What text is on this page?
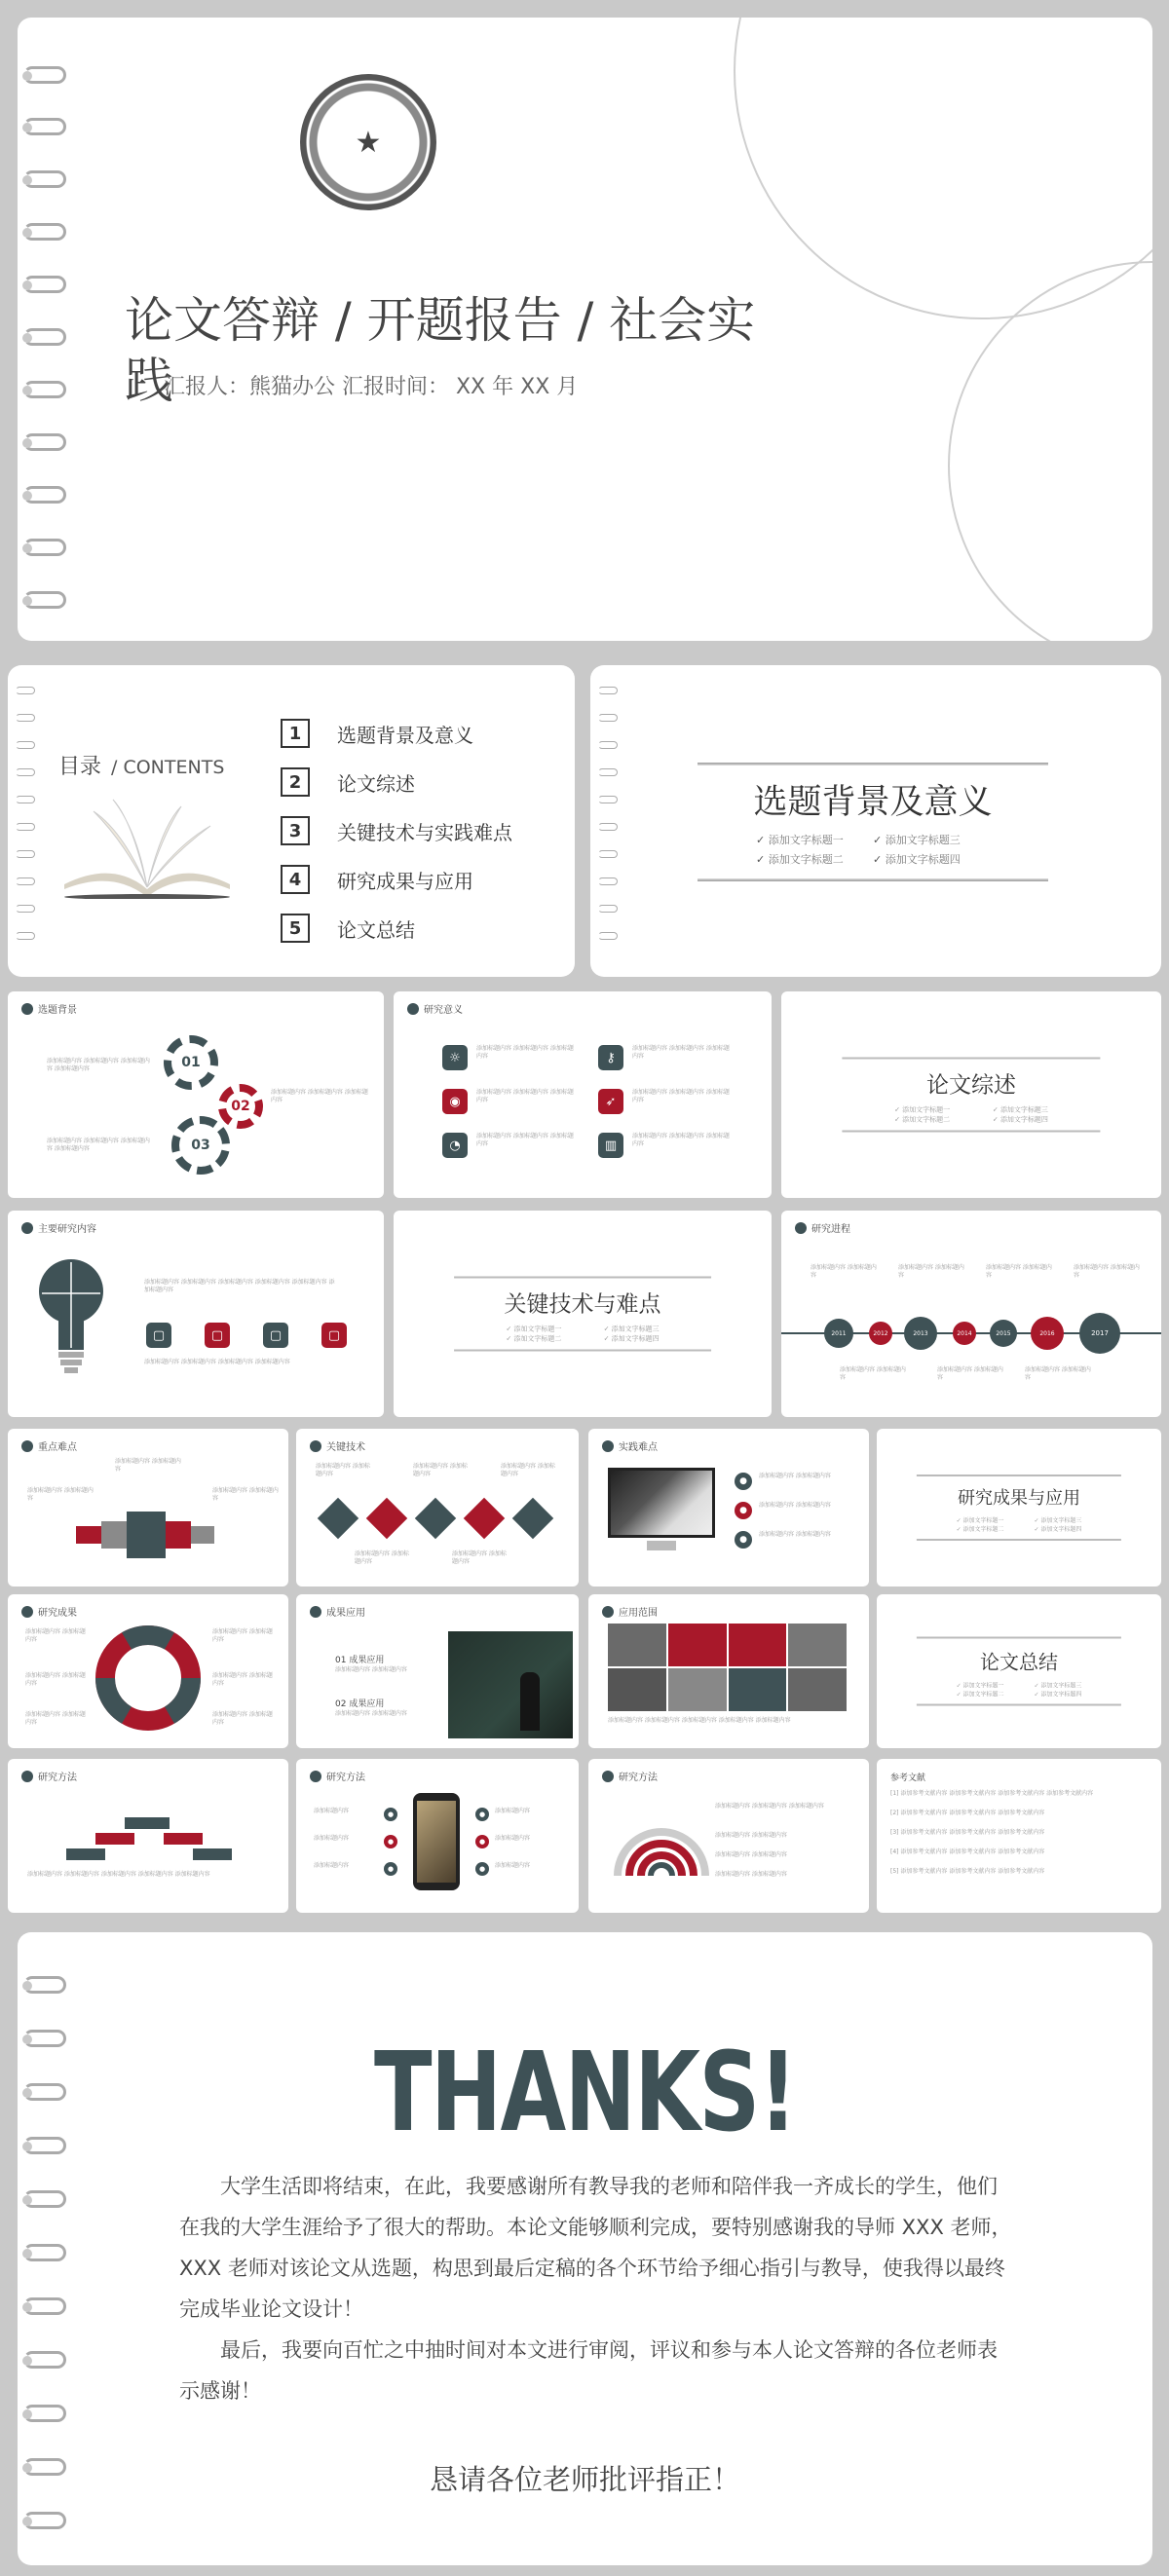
★
论文答辩 / 开题报告 / 社会实践
汇报人：熊猫办公 汇报时间： XX 年 XX 月
目录 / CONTENTS
1	选题背景及意义
2	论文综述
3	关键技术与实践难点
4	研究成果与应用
5	论文总结
选题背景及意义
✓ 添加文字标题一	✓ 添加文字标题三
✓ 添加文字标题二	✓ 添加文字标题四
选题背景
添加标题内容 添加标题内容 添加标题内容 添加标题内容
添加标题内容 添加标题内容 添加标题内容 添加标题内容
添加标题内容 添加标题内容 添加标题内容
01
02
03
研究意义
☼
◉
◔
⚷
➶
▥
添加标题内容 添加标题内容 添加标题内容
添加标题内容 添加标题内容 添加标题内容
添加标题内容 添加标题内容 添加标题内容
添加标题内容 添加标题内容 添加标题内容
添加标题内容 添加标题内容 添加标题内容
添加标题内容 添加标题内容 添加标题内容
论文综述
✓ 添加文字标题一	✓ 添加文字标题三
✓ 添加文字标题二	✓ 添加文字标题四
主要研究内容
添加标题内容 添加标题内容 添加标题内容 添加标题内容 添加标题内容 添加标题内容
▢	▢	▢	▢
添加标题内容 添加标题内容 添加标题内容 添加标题内容
关键技术与难点
✓ 添加文字标题一	✓ 添加文字标题三
✓ 添加文字标题二	✓ 添加文字标题四
研究进程
添加标题内容 添加标题内容
添加标题内容 添加标题内容
添加标题内容 添加标题内容
添加标题内容 添加标题内容
添加标题内容 添加标题内容
添加标题内容 添加标题内容
添加标题内容 添加标题内容
2011	2012	2013	2014	2015	2016	2017
重点难点
添加标题内容 添加标题内容
添加标题内容 添加标题内容
添加标题内容 添加标题内容
关键技术
添加标题内容 添加标题内容
添加标题内容 添加标题内容
添加标题内容 添加标题内容
添加标题内容 添加标题内容
添加标题内容 添加标题内容
实践难点
●
●
●
添加标题内容 添加标题内容
添加标题内容 添加标题内容
添加标题内容 添加标题内容
研究成果与应用
✓ 添加文字标题一	✓ 添加文字标题三
✓ 添加文字标题二	✓ 添加文字标题四
研究成果
添加标题内容 添加标题内容
添加标题内容 添加标题内容
添加标题内容 添加标题内容
添加标题内容 添加标题内容
添加标题内容 添加标题内容
添加标题内容 添加标题内容
成果应用
01 成果应用
添加标题内容 添加标题内容
02 成果应用
添加标题内容 添加标题内容
应用范围
添加标题内容 添加标题内容 添加标题内容 添加标题内容 添加标题内容
论文总结
✓ 添加文字标题一	✓ 添加文字标题三
✓ 添加文字标题二	✓ 添加文字标题四
研究方法
添加标题内容 添加标题内容 添加标题内容 添加标题内容 添加标题内容
研究方法
●
●
●
●
●
●
添加标题内容
添加标题内容
添加标题内容
添加标题内容
添加标题内容
添加标题内容
研究方法
添加标题内容 添加标题内容 添加标题内容
添加标题内容 添加标题内容
添加标题内容 添加标题内容
添加标题内容 添加标题内容
参考文献
[1] 添加参考文献内容 添加参考文献内容 添加参考文献内容 添加参考文献内容
[2] 添加参考文献内容 添加参考文献内容 添加参考文献内容
[3] 添加参考文献内容 添加参考文献内容 添加参考文献内容
[4] 添加参考文献内容 添加参考文献内容 添加参考文献内容
[5] 添加参考文献内容 添加参考文献内容 添加参考文献内容
THANKS!
大学生活即将结束，在此，我要感谢所有教导我的老师和陪伴我一齐成长的学生，他们在我的大学生涯给予了很大的帮助。本论文能够顺利完成，要特别感谢我的导师 XXX 老师， XXX 老师对该论文从选题，构思到最后定稿的各个环节给予细心指引与教导，使我得以最终完成毕业论文设计！
最后，我要向百忙之中抽时间对本文进行审阅，评议和参与本人论文答辩的各位老师表示感谢！
恳请各位老师批评指正！
